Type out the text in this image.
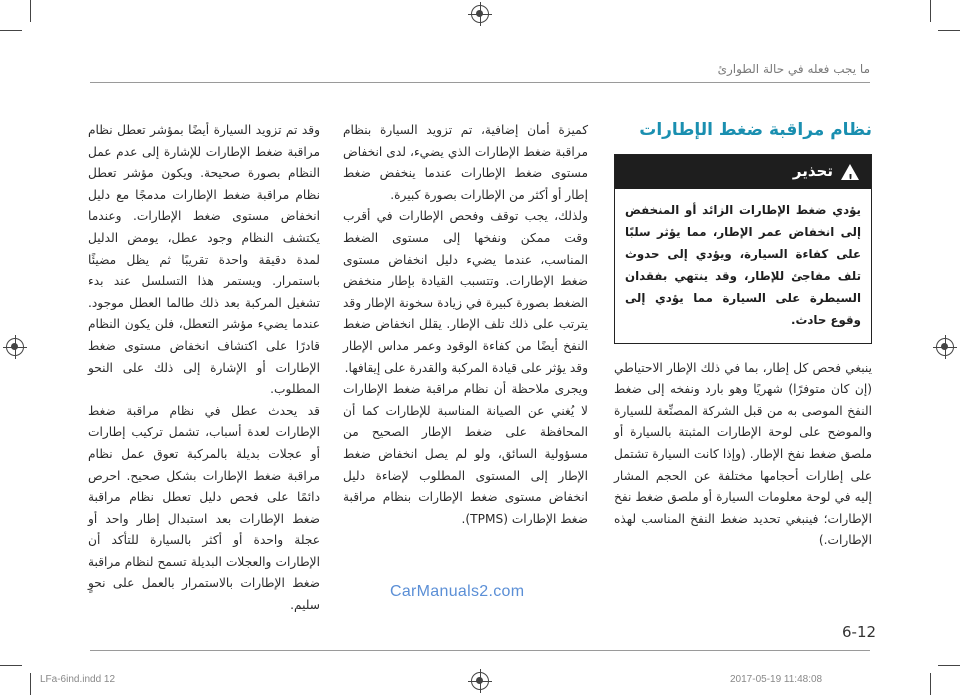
ما يجب فعله في حالة الطوارئ
نظام مراقبة ضغط الإطارات
!
تحذير
يؤدي ضغط الإطارات الزائد أو المنخفض إلى انخفاض عمر الإطار، مما يؤثر سلبًا على كفاءة السيارة، ويؤدي إلى حدوث تلف مفاجئ للإطار، وقد ينتهي بفقدان السيطرة على السيارة مما يؤدي إلى وقوع حادث.

ينبغي فحص كل إطار، بما في ذلك الإطار الاحتياطي (إن كان متوفرًا) شهريًا وهو بارد ونفخه إلى ضغط النفخ الموصى به من قبل الشركة المصنِّعة للسيارة والموضح على لوحة الإطارات المثبتة بالسيارة أو ملصق ضغط نفخ الإطار. (وإذا كانت السيارة تشتمل على إطارات أحجامها مختلفة عن الحجم المشار إليه في لوحة معلومات السيارة أو ملصق ضغط نفخ الإطارات؛ فينبغي تحديد ضغط النفخ المناسب لهذه الإطارات.)

كميزة أمان إضافية، تم تزويد السيارة بنظام مراقبة ضغط الإطارات الذي يضيء، لدى انخفاض مستوى ضغط الإطارات عندما ينخفض ضغط إطار أو أكثر من الإطارات بصورة كبيرة.

ولذلك، يجب توقف وفحص الإطارات في أقرب وقت ممكن ونفخها إلى مستوى الضغط المناسب، عندما يضيء دليل انخفاض مستوى ضغط الإطارات. وتتسبب القيادة بإطار منخفض الضغط بصورة كبيرة في زيادة سخونة الإطار وقد يترتب على ذلك تلف الإطار. يقلل انخفاض ضغط النفخ أيضًا من كفاءة الوقود وعمر مداس الإطار وقد يؤثر على قيادة المركبة والقدرة على إيقافها.

ويجرى ملاحظة أن نظام مراقبة ضغط الإطارات لا يُغني عن الصيانة المناسبة للإطارات كما أن المحافظة على ضغط الإطار الصحيح من مسؤولية السائق، ولو لم يصل انخفاض ضغط الإطار إلى المستوى المطلوب لإضاءة دليل انخفاض مستوى ضغط الإطارات بنظام مراقبة ضغط الإطارات (TPMS).

وقد تم تزويد السيارة أيضًا بمؤشر تعطل نظام مراقبة ضغط الإطارات للإشارة إلى عدم عمل النظام بصورة صحيحة. ويكون مؤشر تعطل نظام مراقبة ضغط الإطارات مدمجًا مع دليل انخفاض مستوى ضغط الإطارات. وعندما يكتشف النظام وجود عطل، يومض الدليل لمدة دقيقة واحدة تقريبًا ثم يظل مضيئًا باستمرار. ويستمر هذا التسلسل عند بدء تشغيل المركبة بعد ذلك طالما العطل موجود. عندما يضيء مؤشر التعطل، فلن يكون النظام قادرًا على اكتشاف انخفاض مستوى ضغط الإطارات أو الإشارة إلى ذلك على النحو المطلوب.

قد يحدث عطل في نظام مراقبة ضغط الإطارات لعدة أسباب، تشمل تركيب إطارات أو عجلات بديلة بالمركبة تعوق عمل نظام مراقبة ضغط الإطارات بشكل صحيح. احرص دائمًا على فحص دليل تعطل نظام مراقبة ضغط الإطارات بعد استبدال إطار واحد أو عجلة واحدة أو أكثر بالسيارة للتأكد أن الإطارات والعجلات البديلة تسمح لنظام مراقبة ضغط الإطارات بالاستمرار بالعمل على نحوٍ سليم.

CarManuals2.com
6-12
LFa-6ind.indd 12	2017-05-19 11:48:08
